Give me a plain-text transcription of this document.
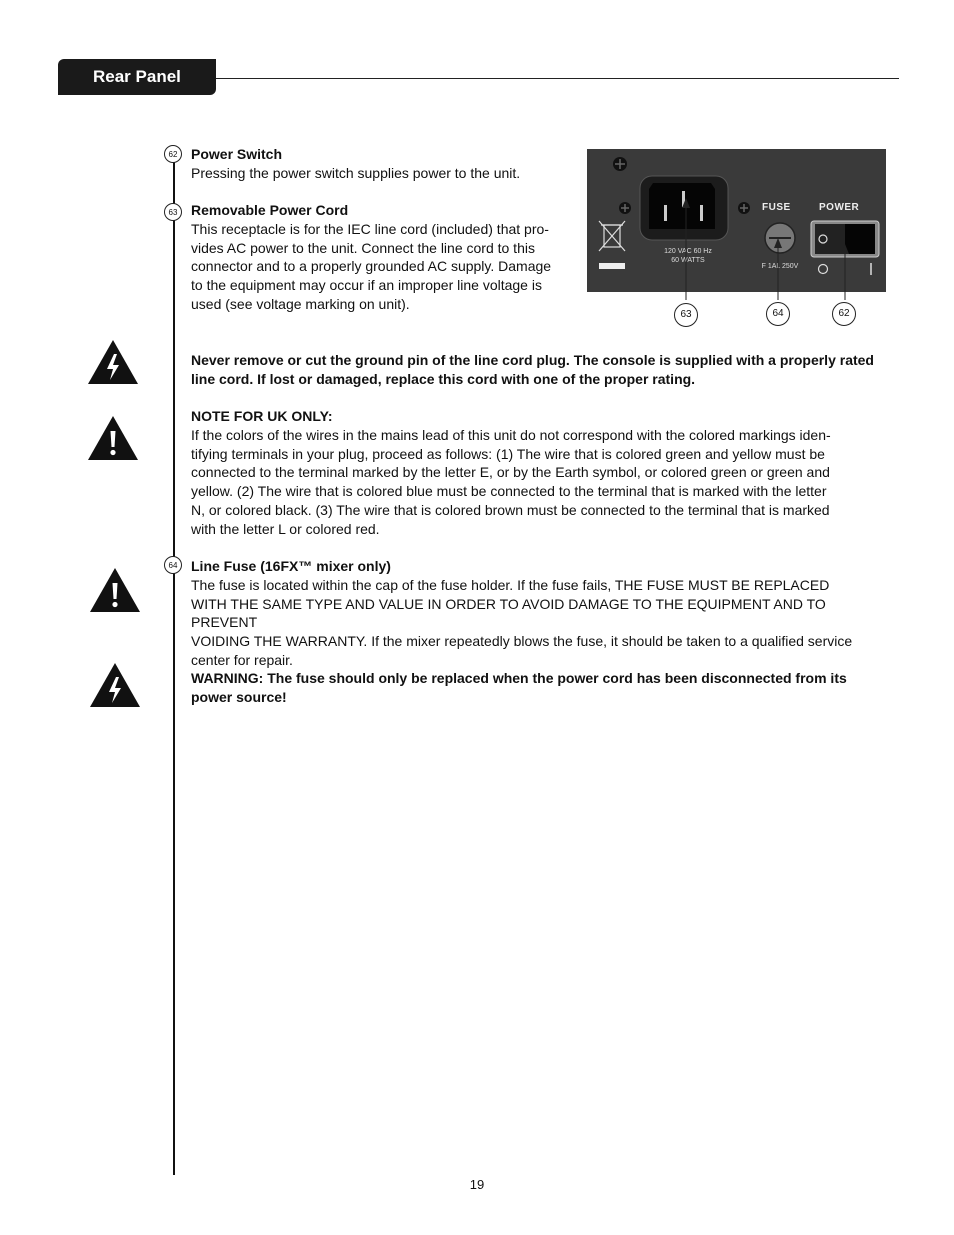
Rear Panel
62 Power Switch

Pressing the power switch supplies power to the unit.

63 Removable Power Cord

This receptacle is for the IEC line cord (included) that pro-

vides AC power to the unit. Connect the line cord to this

connector and to a properly grounded AC supply. Damage

to the equipment may occur if an improper line voltage is

used (see voltage marking on unit).

120 VAC 60 Hz
60 WATTS
FUSE
F 1AL 250V
POWER
63	64	62

Never remove or cut the ground pin of the line cord plug. The console is supplied with a properly rated

line cord. If lost or damaged, replace this cord with one of the proper rating.

NOTE FOR UK ONLY:

If the colors of the wires in the mains lead of this unit do not correspond with the colored markings iden-

tifying terminals in your plug, proceed as follows: (1) The wire that is colored green and yellow must be

connected to the terminal marked by the letter E, or by the Earth symbol, or colored green or green and

yellow. (2) The wire that is colored blue must be connected to the terminal that is marked with the letter

N, or colored black. (3) The wire that is colored brown must be connected to the terminal that is marked

with the letter L or colored red.

64 Line Fuse (16FX™ mixer only)

The fuse is located within the cap of the fuse holder. If the fuse fails, THE FUSE MUST BE REPLACED

WITH THE SAME TYPE AND VALUE IN ORDER TO AVOID DAMAGE TO THE EQUIPMENT AND TO PREVENT

VOIDING THE WARRANTY. If the mixer repeatedly blows the fuse, it should be taken to a qualified service

center for repair.

WARNING: The fuse should only be replaced when the power cord has been disconnected from its

power source!

19
